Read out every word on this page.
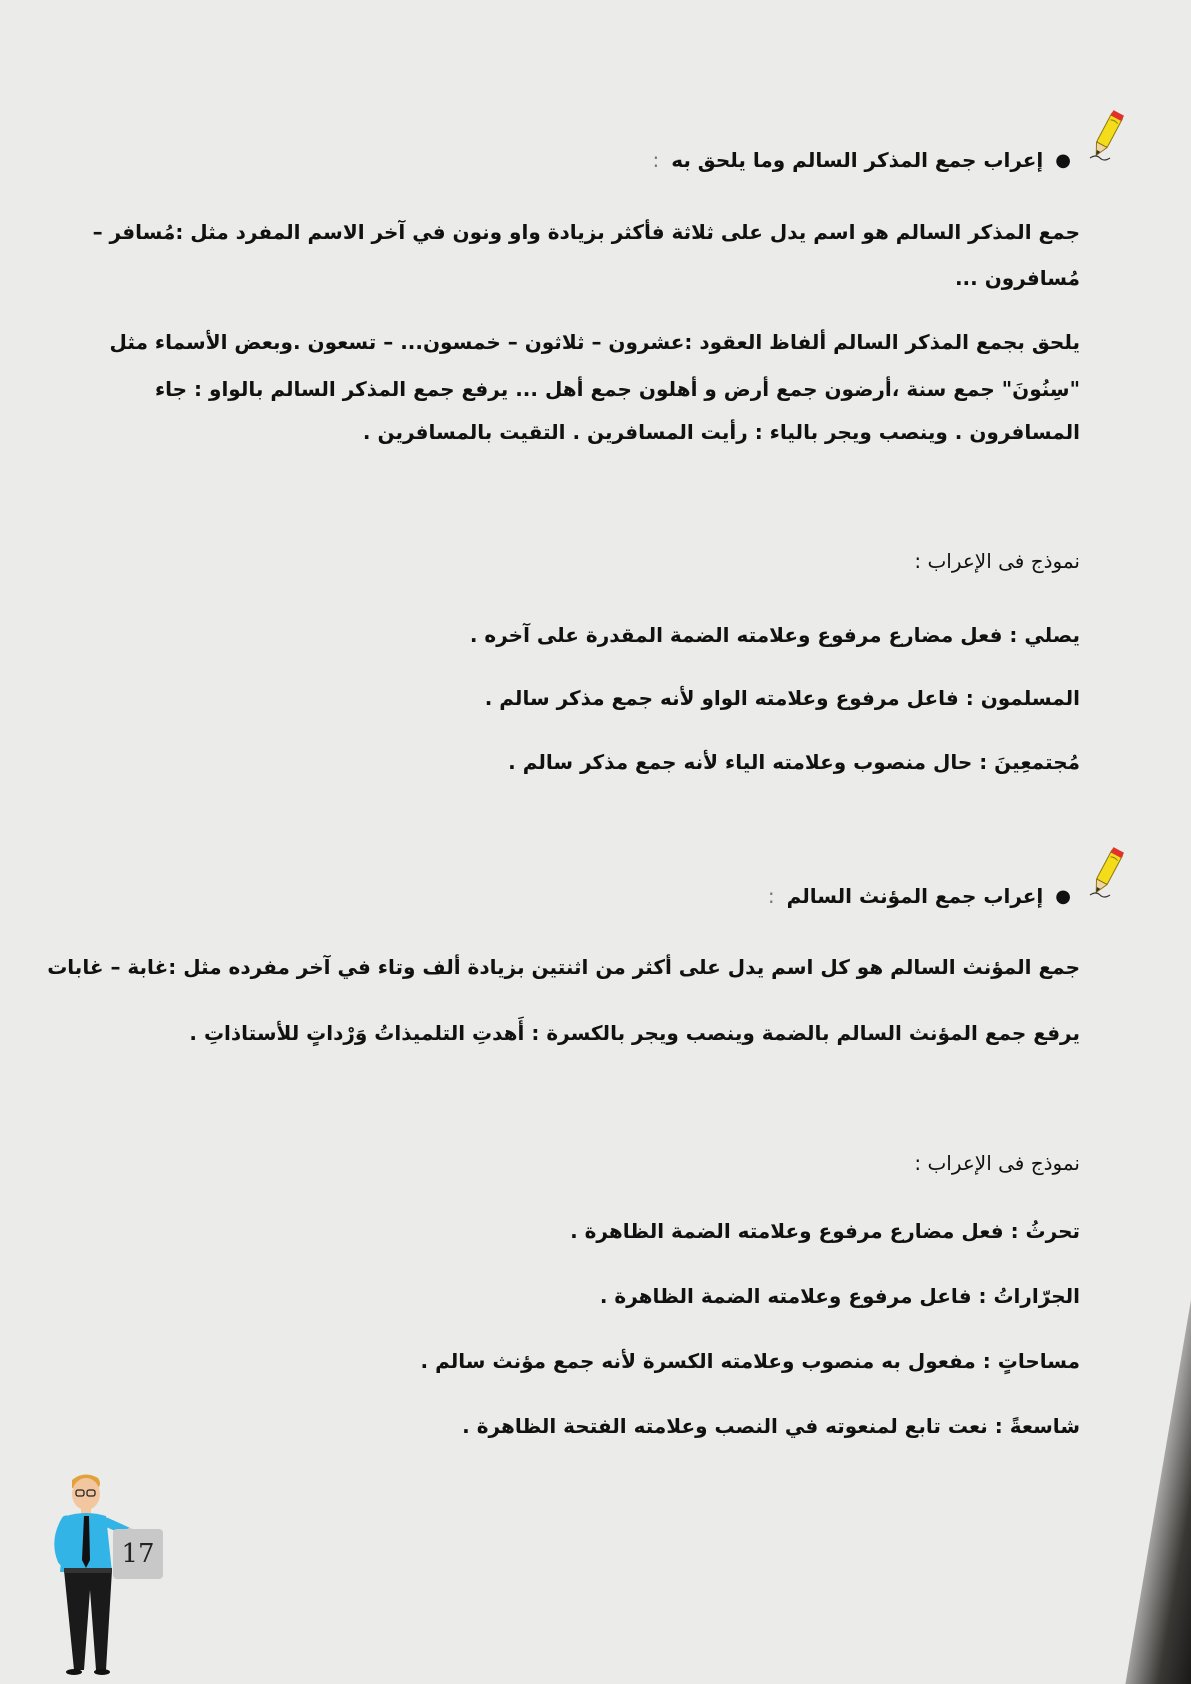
●
إعراب جمع المذكر السالم وما يلحق به
:
جمع المذكر السالم هو اسم يدل على ثلاثة فأكثر بزيادة واو ونون في آخر الاسم المفرد مثل :مُسافر –
مُسافرون ...
يلحق بجمع المذكر السالم ألفاظ العقود :عشرون – ثلاثون – خمسون... – تسعون .وبعض الأسماء مثل
"سِنُونَ" جمع سنة ،أرضون جمع أرض و أهلون جمع أهل ... يرفع جمع المذكر السالم بالواو : جاء
المسافرون . وينصب ويجر بالياء : رأيت المسافرين . التقيت بالمسافرين .
نموذج فى الإعراب :
يصلي : فعل مضارع مرفوع وعلامته الضمة المقدرة على آخره .
المسلمون : فاعل مرفوع وعلامته الواو لأنه جمع مذكر سالم .
مُجتمعِينَ : حال منصوب وعلامته الياء لأنه جمع مذكر سالم .
●
إعراب جمع المؤنث السالم
:
جمع المؤنث السالم هو كل اسم يدل على أكثر من اثنتين بزيادة ألف وتاء في آخر مفرده مثل :غابة – غابات
يرفع جمع المؤنث السالم بالضمة وينصب ويجر بالكسرة : أَهدتِ التلميذاتُ وَرْداتٍ للأستاذاتِ .
نموذج فى الإعراب :
تحرثُ : فعل مضارع مرفوع وعلامته الضمة الظاهرة .
الجرّاراتُ : فاعل مرفوع وعلامته الضمة الظاهرة .
مساحاتٍ : مفعول به منصوب وعلامته الكسرة لأنه جمع مؤنث سالم .
شاسعةً : نعت تابع لمنعوته في النصب وعلامته الفتحة الظاهرة .
17
